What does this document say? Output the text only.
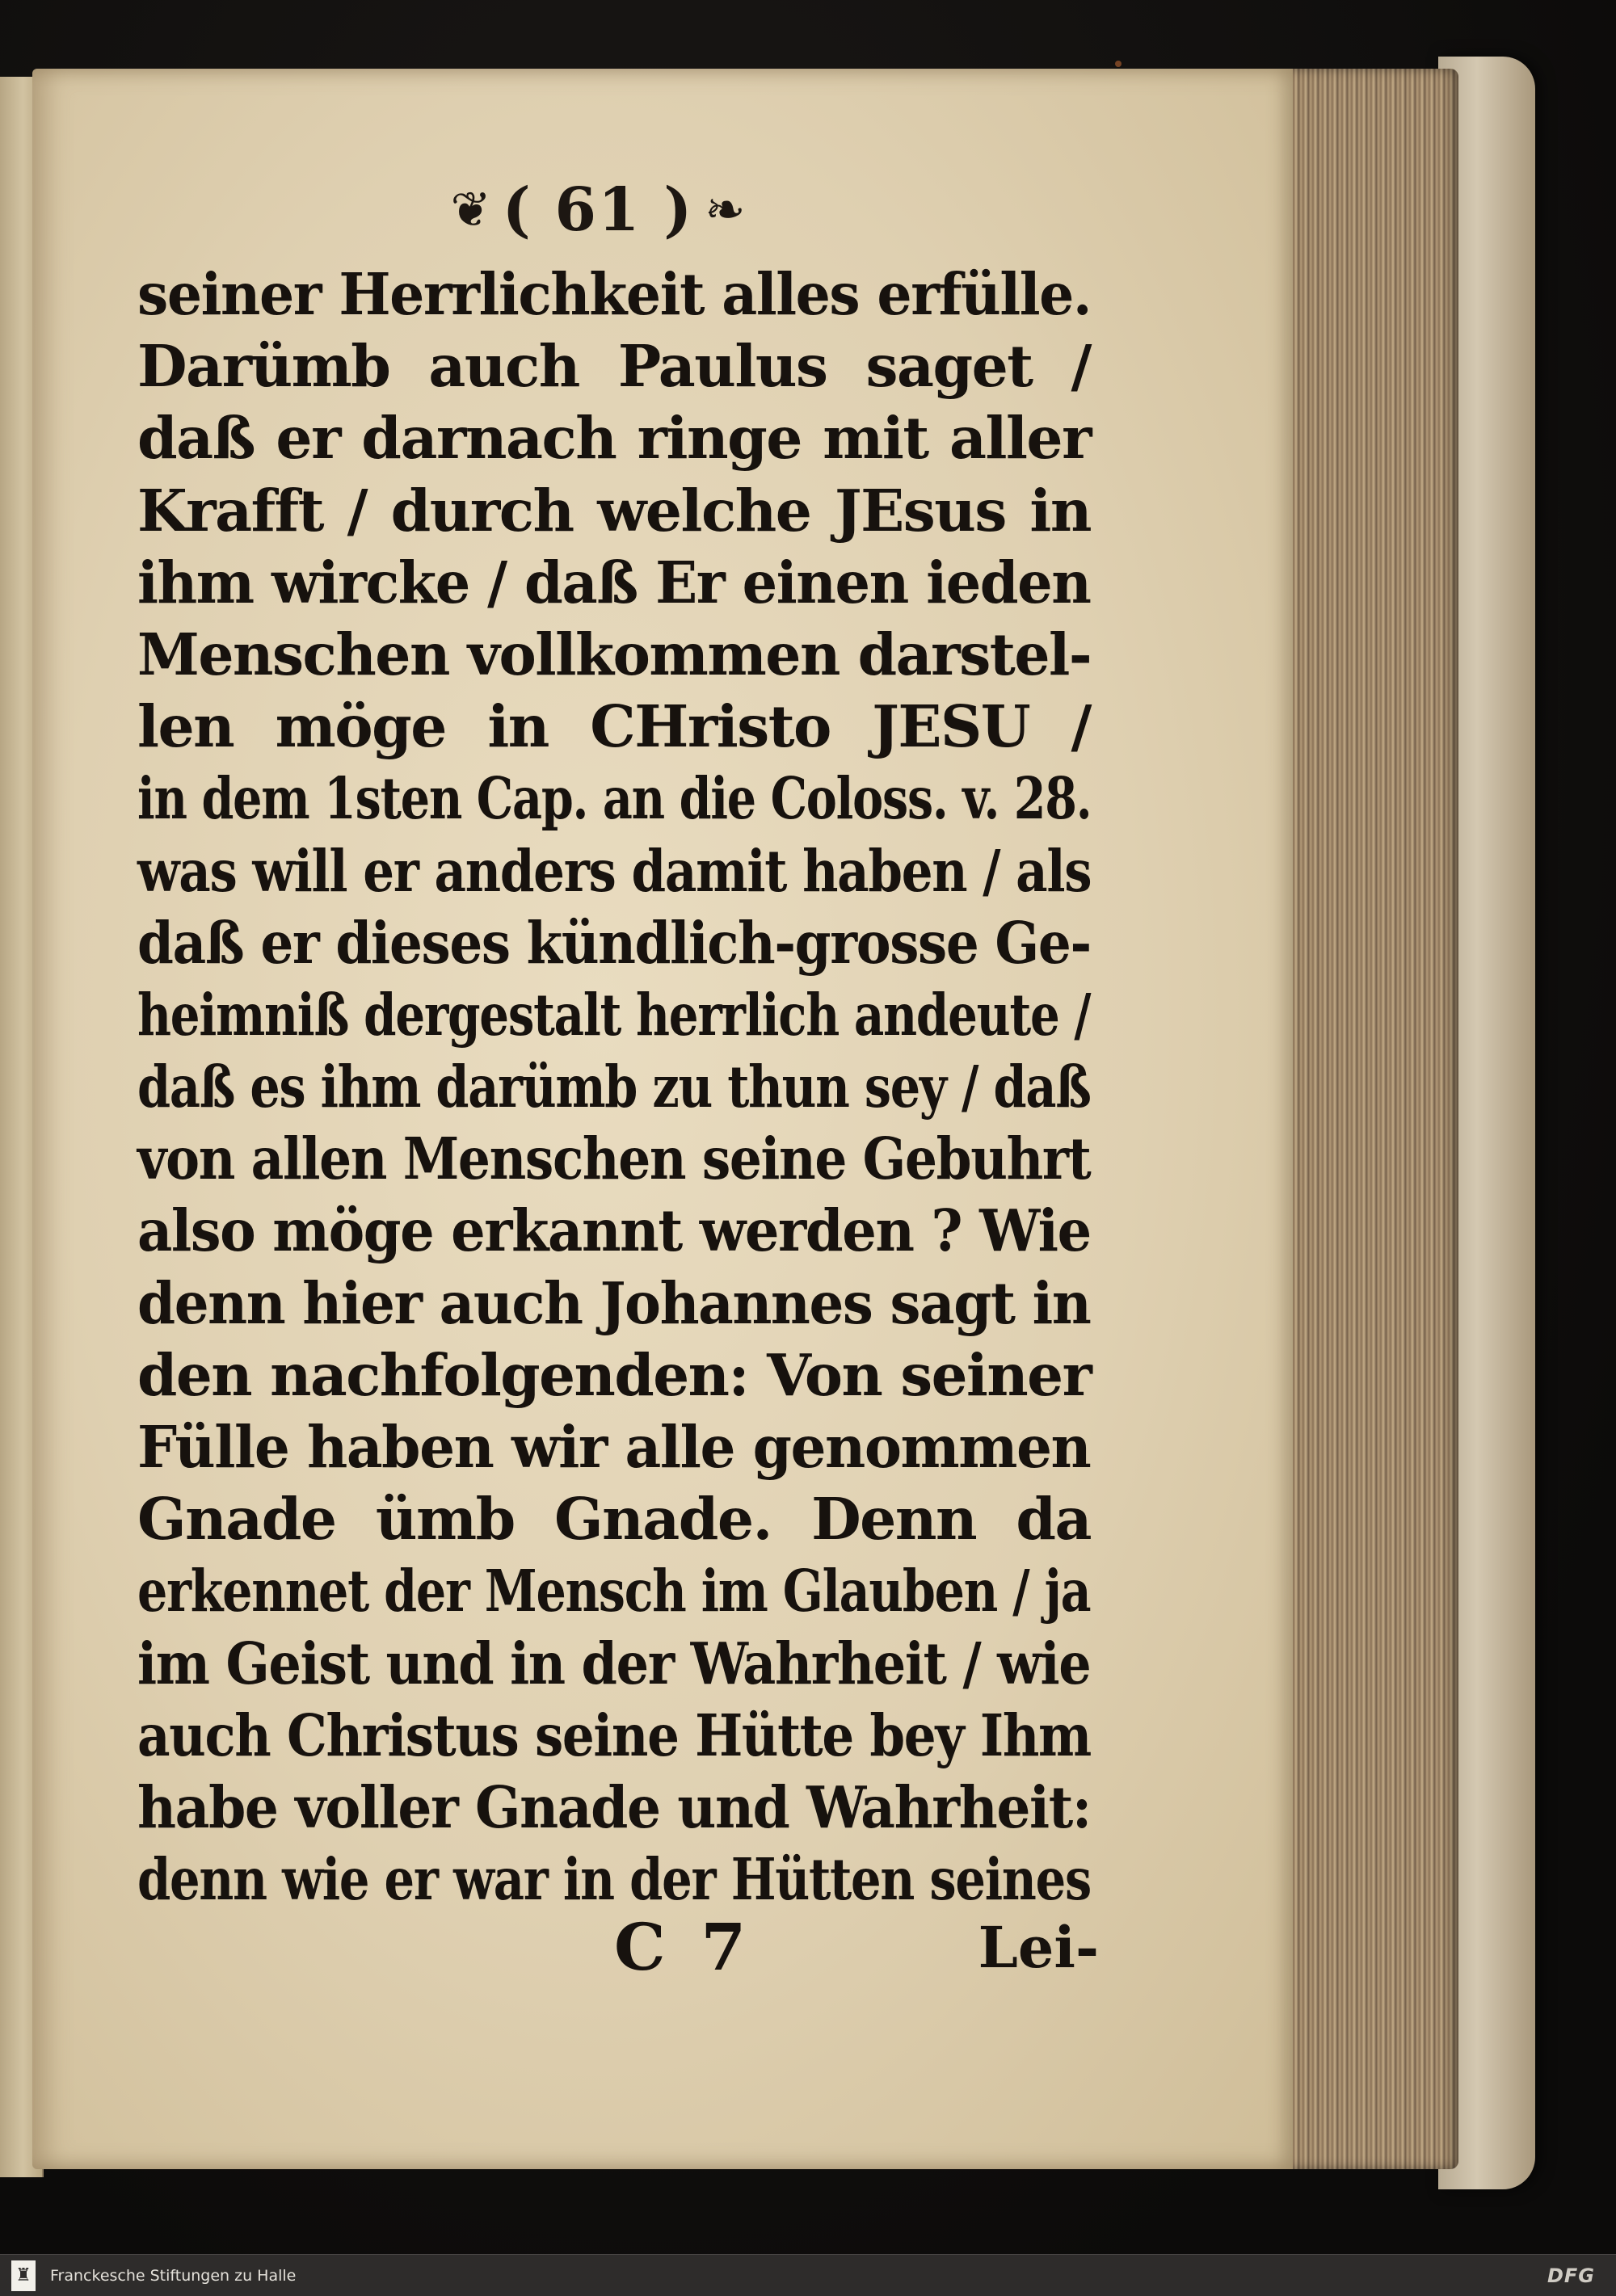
❦ ( 61 ) ❧
seiner Herrlichkeit alles erfülle.
Darümb auch Paulus saget /
daß er darnach ringe mit aller
Krafft / durch welche JEsus in
ihm wircke / daß Er einen ieden
Menschen vollkommen darstel-
len möge in CHristo JESU /
in dem 1sten Cap. an die Coloss. v. 28.
was will er anders damit haben / als
daß er dieses kündlich-grosse Ge-
heimniß dergestalt herrlich andeute /
daß es ihm darümb zu thun sey / daß
von allen Menschen seine Gebuhrt
also möge erkannt werden ? Wie
denn hier auch Johannes sagt in
den nachfolgenden: Von seiner
Fülle haben wir alle genommen
Gnade ümb Gnade. Denn da
erkennet der Mensch im Glauben / ja
im Geist und in der Wahrheit / wie
auch Christus seine Hütte bey Ihm
habe voller Gnade und Wahrheit:
denn wie er war in der Hütten seines
C 7	Lei-
♜ Franckesche Stiftungen zu Halle	DFG
